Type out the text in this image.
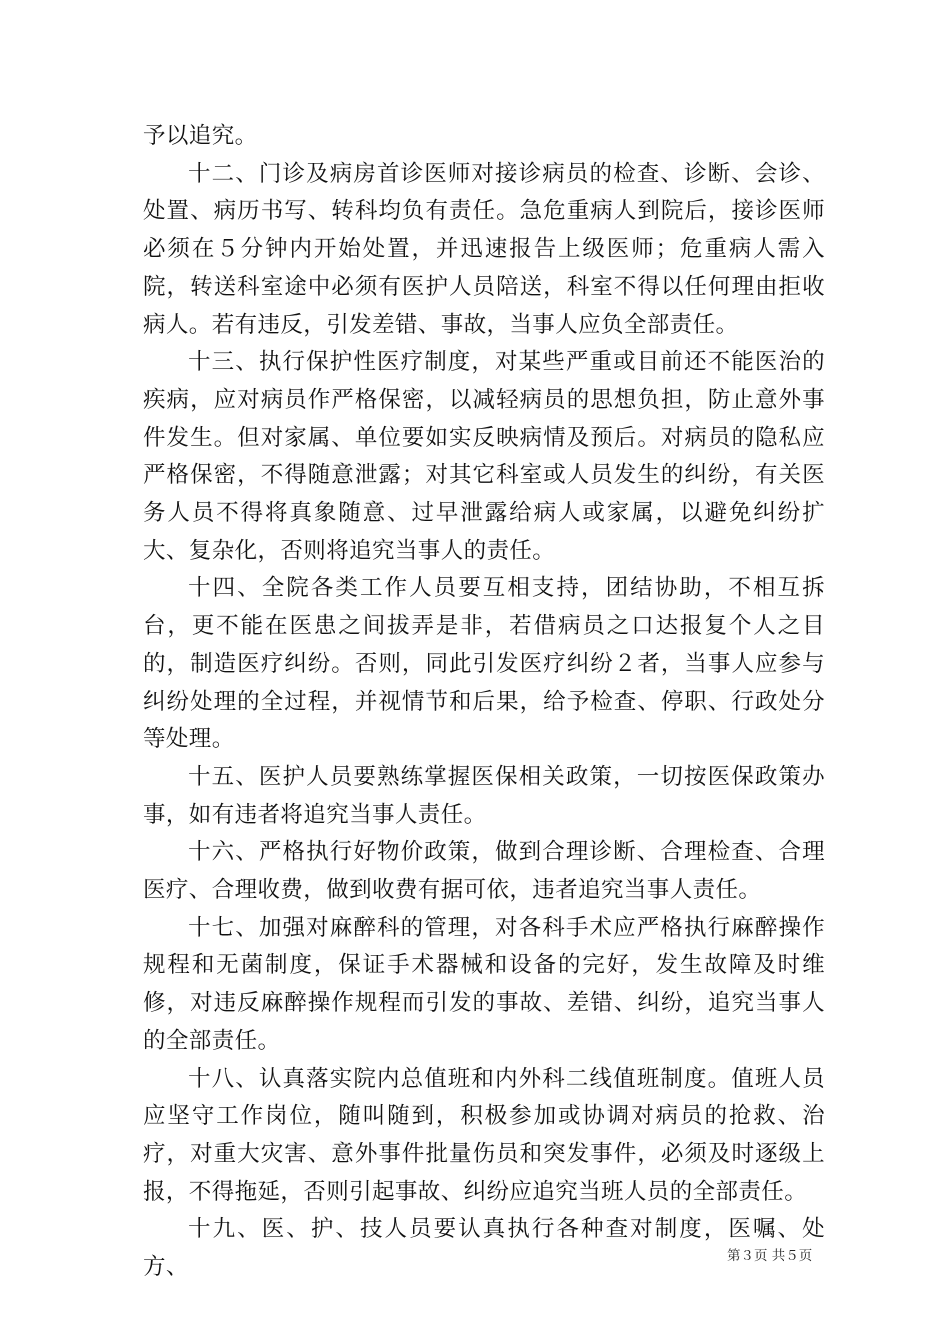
予以追究。

十二、门诊及病房首诊医师对接诊病员的检查、诊断、会诊、处置、病历书写、转科均负有责任。急危重病人到院后，接诊医师必须在５分钟内开始处置，并迅速报告上级医师；危重病人需入院，转送科室途中必须有医护人员陪送，科室不得以任何理由拒收病人。若有违反，引发差错、事故，当事人应负全部责任。

十三、执行保护性医疗制度，对某些严重或目前还不能医治的疾病，应对病员作严格保密，以减轻病员的思想负担，防止意外事件发生。但对家属、单位要如实反映病情及预后。对病员的隐私应严格保密，不得随意泄露；对其它科室或人员发生的纠纷，有关医务人员不得将真象随意、过早泄露给病人或家属，以避免纠纷扩大、复杂化，否则将追究当事人的责任。

十四、全院各类工作人员要互相支持，团结协助，不相互拆台，更不能在医患之间拔弄是非，若借病员之口达报复个人之目的，制造医疗纠纷。否则，同此引发医疗纠纷２者，当事人应参与纠纷处理的全过程，并视情节和后果，给予检查、停职、行政处分等处理。

十五、医护人员要熟练掌握医保相关政策，一切按医保政策办事，如有违者将追究当事人责任。

十六、严格执行好物价政策，做到合理诊断、合理检查、合理医疗、合理收费，做到收费有据可依，违者追究当事人责任。

十七、加强对麻醉科的管理，对各科手术应严格执行麻醉操作规程和无菌制度，保证手术器械和设备的完好，发生故障及时维修，对违反麻醉操作规程而引发的事故、差错、纠纷，追究当事人的全部责任。

十八、认真落实院内总值班和内外科二线值班制度。值班人员应坚守工作岗位，随叫随到，积极参加或协调对病员的抢救、治疗，对重大灾害、意外事件批量伤员和突发事件，必须及时逐级上报，不得拖延，否则引起事故、纠纷应追究当班人员的全部责任。

十九、医、护、技人员要认真执行各种查对制度，医嘱、处方、	第３页 共５页
